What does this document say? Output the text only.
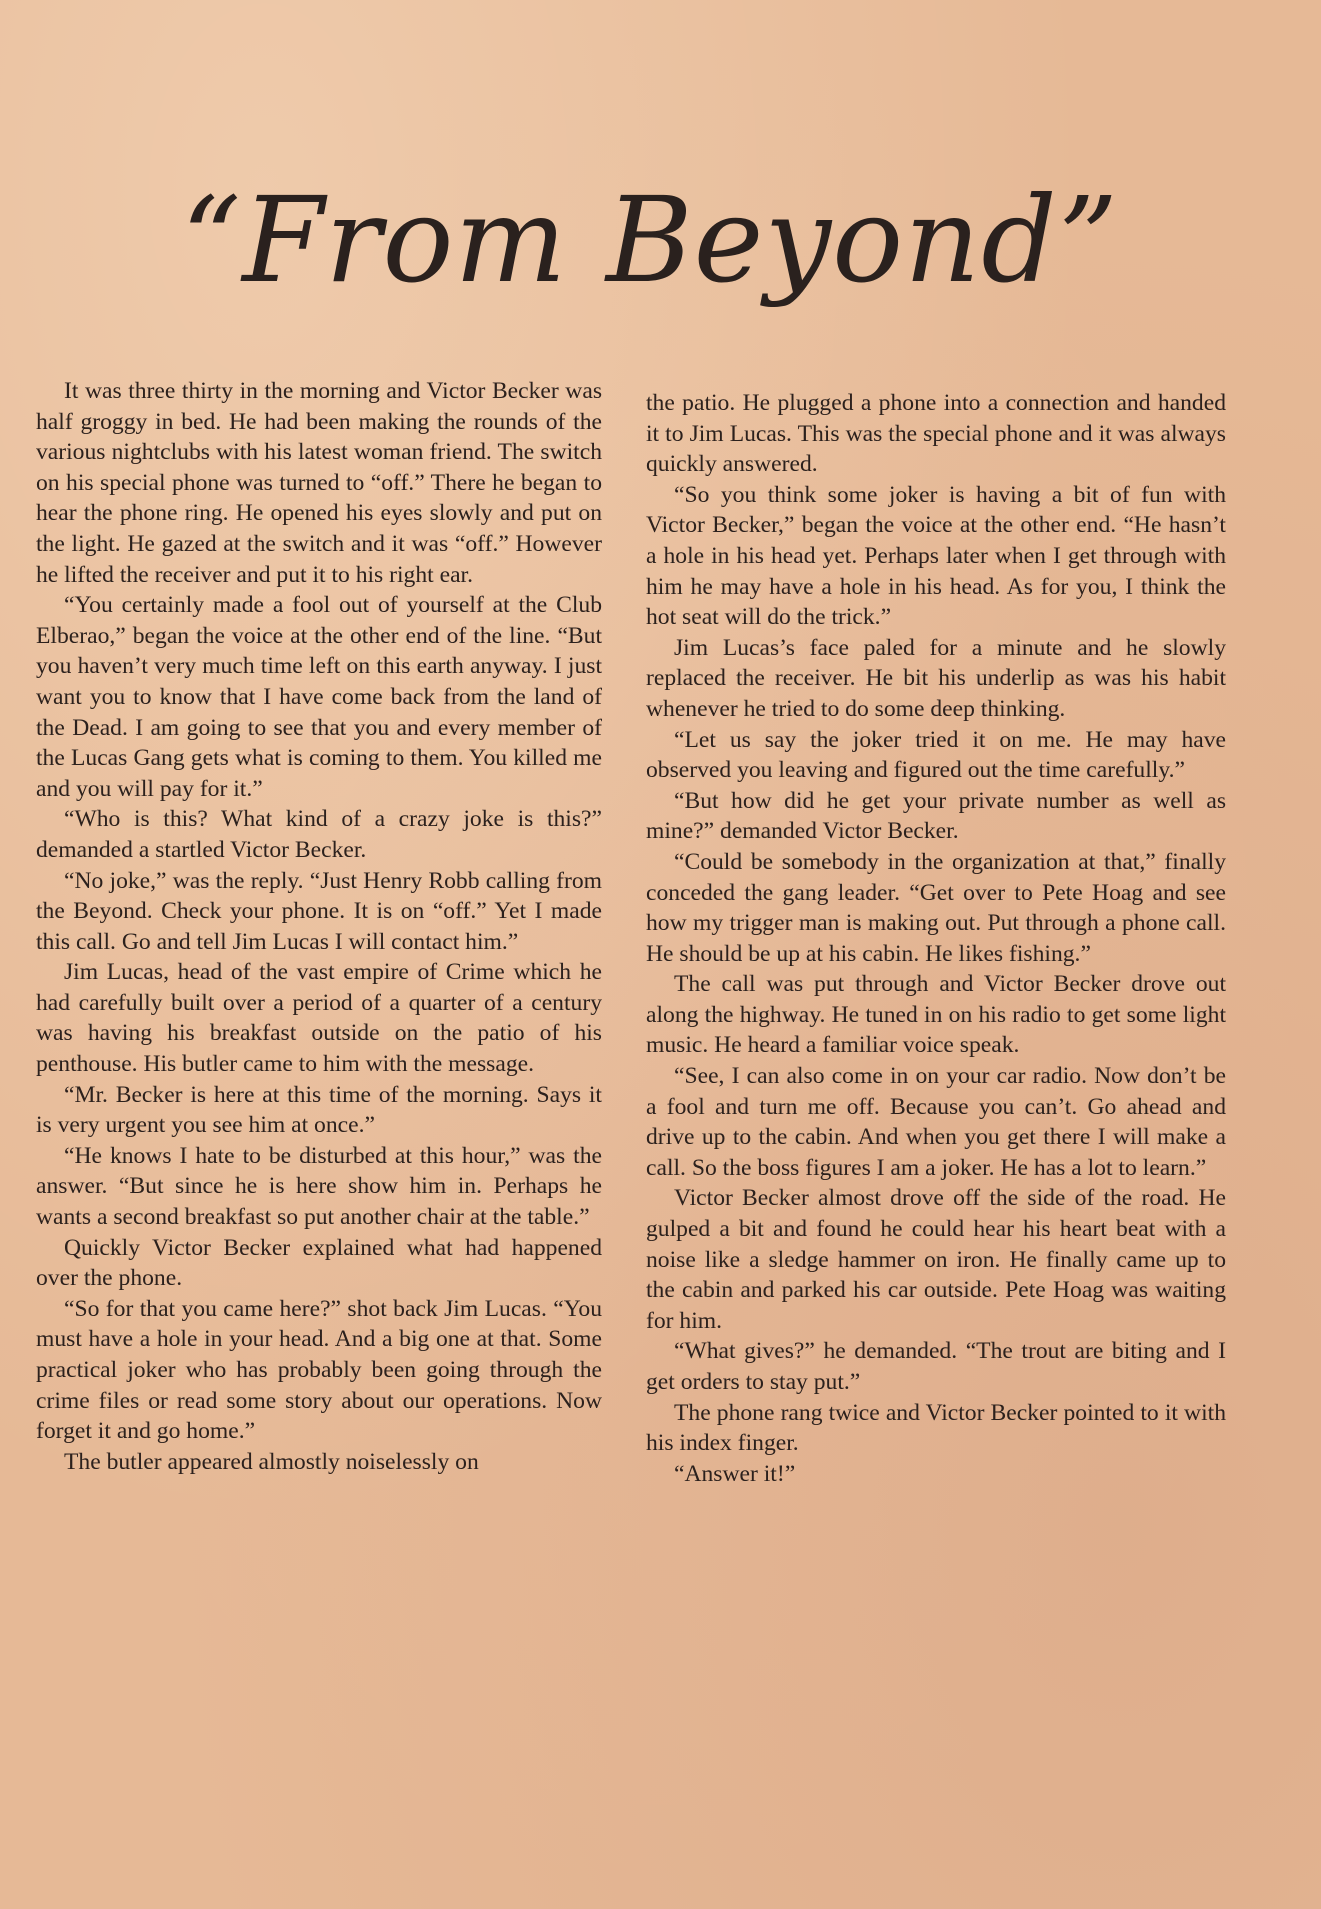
“From Beyond”

It was three thirty in the morning and Victor Becker was half groggy in bed. He had been making the rounds of the various nightclubs with his latest woman friend. The switch on his special phone was turned to “off.” There he began to hear the phone ring. He opened his eyes slowly and put on the light. He gazed at the switch and it was “off.” However he lifted the receiver and put it to his right ear.

“You certainly made a fool out of yourself at the Club Elberao,” began the voice at the other end of the line. “But you haven’t very much time left on this earth anyway. I just want you to know that I have come back from the land of the Dead. I am going to see that you and every member of the Lucas Gang gets what is coming to them. You killed me and you will pay for it.”

“Who is this? What kind of a crazy joke is this?” demanded a startled Victor Becker.

“No joke,” was the reply. “Just Henry Robb calling from the Beyond. Check your phone. It is on “off.” Yet I made this call. Go and tell Jim Lucas I will contact him.”

Jim Lucas, head of the vast empire of Crime which he had carefully built over a period of a quarter of a century was having his breakfast outside on the patio of his penthouse. His butler came to him with the message.

“Mr. Becker is here at this time of the morning. Says it is very urgent you see him at once.”

“He knows I hate to be disturbed at this hour,” was the answer. “But since he is here show him in. Perhaps he wants a second breakfast so put another chair at the table.”

Quickly Victor Becker explained what had happened over the phone.

“So for that you came here?” shot back Jim Lucas. “You must have a hole in your head. And a big one at that. Some practical joker who has probably been going through the crime files or read some story about our operations. Now forget it and go home.”

The butler appeared almostly noiselessly on

the patio. He plugged a phone into a connection and handed it to Jim Lucas. This was the special phone and it was always quickly answered.

“So you think some joker is having a bit of fun with Victor Becker,” began the voice at the other end. “He hasn’t a hole in his head yet. Perhaps later when I get through with him he may have a hole in his head. As for you, I think the hot seat will do the trick.”

Jim Lucas’s face paled for a minute and he slowly replaced the receiver. He bit his underlip as was his habit whenever he tried to do some deep thinking.

“Let us say the joker tried it on me. He may have observed you leaving and figured out the time carefully.”

“But how did he get your private number as well as mine?” demanded Victor Becker.

“Could be somebody in the organization at that,” finally conceded the gang leader. “Get over to Pete Hoag and see how my trigger man is making out. Put through a phone call. He should be up at his cabin. He likes fishing.”

The call was put through and Victor Becker drove out along the highway. He tuned in on his radio to get some light music. He heard a familiar voice speak.

“See, I can also come in on your car radio. Now don’t be a fool and turn me off. Because you can’t. Go ahead and drive up to the cabin. And when you get there I will make a call. So the boss figures I am a joker. He has a lot to learn.”

Victor Becker almost drove off the side of the road. He gulped a bit and found he could hear his heart beat with a noise like a sledge hammer on iron. He finally came up to the cabin and parked his car outside. Pete Hoag was waiting for him.

“What gives?” he demanded. “The trout are biting and I get orders to stay put.”

The phone rang twice and Victor Becker pointed to it with his index finger.

“Answer it!”
